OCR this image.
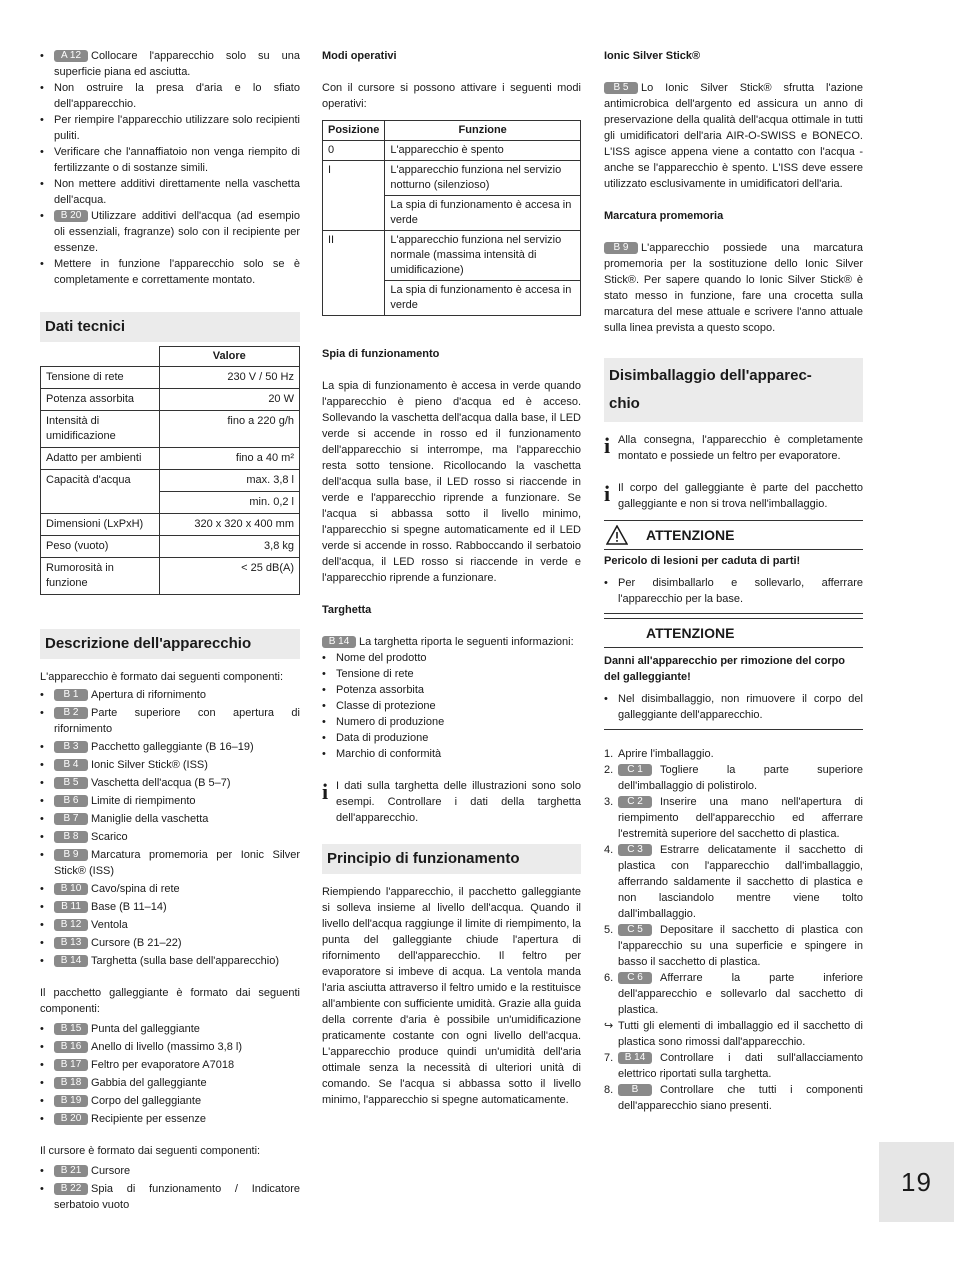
• A 12 Collocare l'apparecchio solo su una superficie piana ed asciutta.
• Non ostruire la presa d'aria e lo sfiato dell'apparecchio.
• Per riempire l'apparecchio utilizzare solo recipienti puliti.
• Verificare che l'annaffiatoio non venga riempito di fertilizzante o di sostanze simili.
• Non mettere additivi direttamente nella vaschetta dell'acqua.
• B 20 Utilizzare additivi dell'acqua (ad esempio oli essenziali, fragranze) solo con il recipiente per essenze.
• Mettere in funzione l'apparecchio solo se è completamente e correttamente montato.
Dati tecnici
	Valore
Tensione di rete	230 V / 50 Hz
Potenza assorbita	20 W
Intensità di umidificazione	fino a 220 g/h
Adatto per ambienti	fino a 40 m²
Capacità d'acqua	max. 3,8 l
	min. 0,2 l
Dimensioni (LxPxH)	320 x 320 x 400 mm
Peso (vuoto)	3,8 kg
Rumorosità in funzione	< 25 dB(A)
Descrizione dell'apparecchio

L'apparecchio è formato dai seguenti componenti:

• B 1 Apertura di rifornimento
• B 2 Parte superiore con apertura di rifornimento
• B 3 Pacchetto galleggiante (B 16–19)
• B 4 Ionic Silver Stick® (ISS)
• B 5 Vaschetta dell'acqua (B 5–7)
• B 6 Limite di riempimento
• B 7 Maniglie della vaschetta
• B 8 Scarico
• B 9 Marcatura promemoria per Ionic Silver Stick® (ISS)
• B 10 Cavo/spina di rete
• B 11 Base (B 11–14)
• B 12 Ventola
• B 13 Cursore (B 21–22)
• B 14 Targhetta (sulla base dell'apparecchio)

Il pacchetto galleggiante è formato dai seguenti componenti:

• B 15 Punta del galleggiante
• B 16 Anello di livello (massimo 3,8 l)
• B 17 Feltro per evaporatore A7018
• B 18 Gabbia del galleggiante
• B 19 Corpo del galleggiante
• B 20 Recipiente per essenze

Il cursore è formato dai seguenti componenti:

• B 21 Cursore
• B 22 Spia di funzionamento / Indicatore serbatoio vuoto
Modi operativi

Con il cursore si possono attivare i seguenti modi operativi:

Posizione	Funzione
0	L'apparecchio è spento
I	L'apparecchio funziona nel servizio notturno (silenzioso)
	La spia di funzionamento è accesa in verde
II	L'apparecchio funziona nel servizio normale (massima intensità di umidificazione)
	La spia di funzionamento è accesa in verde
Spia di funzionamento

La spia di funzionamento è accesa in verde quando l'apparecchio è pieno d'acqua ed è acceso. Sollevando la vaschetta dell'acqua dalla base, il LED verde si accende in rosso ed il funzionamento dell'apparecchio si interrompe, ma l'apparecchio resta sotto tensione. Ricollocando la vaschetta dell'acqua sulla base, il LED rosso si riaccende in verde e l'apparecchio riprende a funzionare. Se l'acqua si abbassa sotto il livello minimo, l'apparecchio si spegne automaticamente ed il LED verde si accende in rosso. Rabboccando il serbatoio dell'acqua, il LED rosso si riaccende in verde e l'apparecchio riprende a funzionare.

Targhetta

B 14 La targhetta riporta le seguenti informazioni:

• Nome del prodotto
• Tensione di rete
• Potenza assorbita
• Classe di protezione
• Numero di produzione
• Data di produzione
• Marchio di conformità
i I dati sulla targhetta delle illustrazioni sono solo esempi. Controllare i dati della targhetta dell'apparecchio.
Principio di funzionamento

Riempiendo l'apparecchio, il pacchetto galleggiante si solleva insieme al livello dell'acqua. Quando il livello dell'acqua raggiunge il limite di riempimento, la punta del galleggiante chiude l'apertura di rifornimento dell'apparecchio. Il feltro per evaporatore si imbeve di acqua. La ventola manda l'aria asciutta attraverso il feltro umido e la restituisce all'ambiente con sufficiente umidità. Grazie alla guida della corrente d'aria è possibile un'umidificazione praticamente costante con ogni livello dell'acqua. L'apparecchio produce quindi un'umidità dell'aria ottimale senza la necessità di ulteriori unità di comando. Se l'acqua si abbassa sotto il livello minimo, l'apparecchio si spegne automaticamente.

Ionic Silver Stick®

B 5 Lo Ionic Silver Stick® sfrutta l'azione antimicrobica dell'argento ed assicura un anno di preservazione della qualità dell'acqua ottimale in tutti gli umidificatori dell'aria AIR-O-SWISS e BONECO. L'ISS agisce appena viene a contatto con l'acqua - anche se l'apparecchio è spento. L'ISS deve essere utilizzato esclusivamente in umidificatori dell'aria.

Marcatura promemoria

B 9 L'apparecchio possiede una marcatura promemoria per la sostituzione dello Ionic Silver Stick®. Per sapere quando lo Ionic Silver Stick® è stato messo in funzione, fare una crocetta sulla marcatura del mese attuale e scrivere l'anno attuale sulla linea prevista a questo scopo.

Disimballaggio dell'apparec-
chio
i Alla consegna, l'apparecchio è completamente montato e possiede un feltro per evaporatore.
i Il corpo del galleggiante è parte del pacchetto galleggiante e non si trova nell'imballaggio.
ATTENZIONE
Pericolo di lesioni per caduta di parti!
• Per disimballarlo e sollevarlo, afferrare l'apparecchio per la base.
ATTENZIONE
Danni all'apparecchio per rimozione del corpo del galleggiante!
• Nel disimballaggio, non rimuovere il corpo del galleggiante dell'apparecchio.
1. Aprire l'imballaggio.
2. C 1 Togliere la parte superiore dell'imballaggio di polistirolo.
3. C 2 Inserire una mano nell'apertura di riempimento dell'apparecchio ed afferrare l'estremità superiore del sacchetto di plastica.
4. C 3 Estrarre delicatamente il sacchetto di plastica con l'apparecchio dall'imballaggio, afferrando saldamente il sacchetto di plastica e non lasciandolo mentre viene tolto dall'imballaggio.
5. C 5 Depositare il sacchetto di plastica con l'apparecchio su una superficie e spingere in basso il sacchetto di plastica.
6. C 6 Afferrare la parte inferiore dell'apparecchio e sollevarlo dal sacchetto di plastica.
↪ Tutti gli elementi di imballaggio ed il sacchetto di plastica sono rimossi dall'apparecchio.
7. B 14 Controllare i dati sull'allacciamento elettrico riportati sulla targhetta.
8. B Controllare che tutti i componenti dell'apparecchio siano presenti.
19
